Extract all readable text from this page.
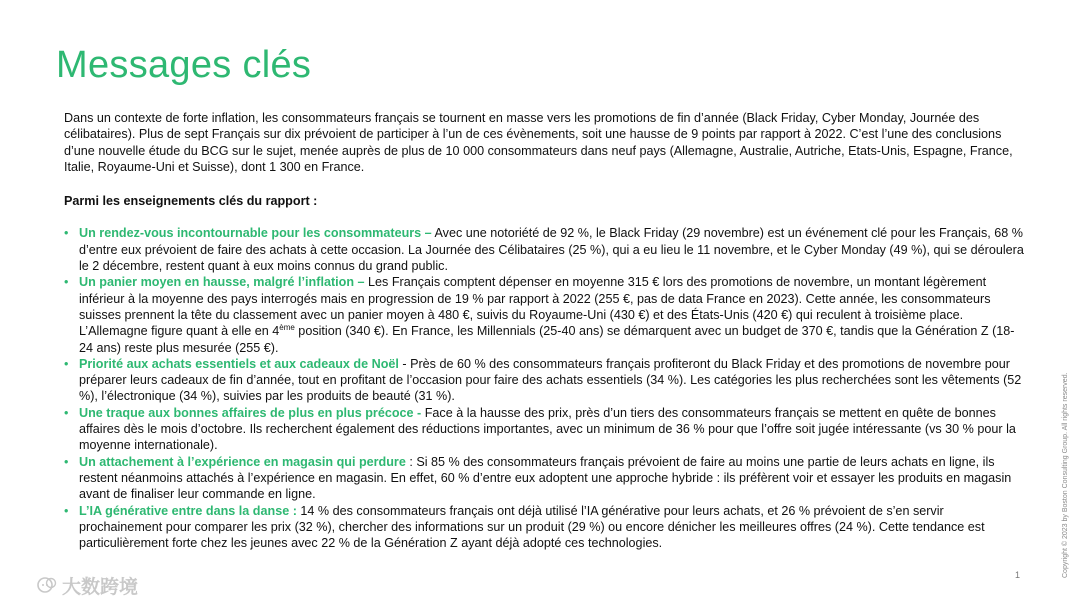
Messages clés

Dans un contexte de forte inflation, les consommateurs français se tournent en masse vers les promotions de fin d’année (Black Friday, Cyber Monday, Journée des célibataires). Plus de sept Français sur dix prévoient de participer à l’un de ces évènements, soit une hausse de 9 points par rapport à 2022. C’est l’une des conclusions d’une nouvelle étude du BCG sur le sujet, menée auprès de plus de 10 000 consommateurs dans neuf pays (Allemagne, Australie, Autriche, Etats-Unis, Espagne, France, Italie, Royaume-Uni et Suisse), dont 1 300 en France.

Parmi les enseignements clés du rapport :

• Un rendez-vous incontournable pour les consommateurs – Avec une notoriété de 92 %, le Black Friday (29 novembre) est un événement clé pour les Français, 68 % d’entre eux prévoient de faire des achats à cette occasion. La Journée des Célibataires (25 %), qui a eu lieu le 11 novembre, et le Cyber Monday (49 %), qui se déroulera le 2 décembre, restent quant à eux moins connus du grand public.
• Un panier moyen en hausse, malgré l’inflation – Les Français comptent dépenser en moyenne 315 € lors des promotions de novembre, un montant légèrement inférieur à la moyenne des pays interrogés mais en progression de 19 % par rapport à 2022 (255 €, pas de data France en 2023). Cette année, les consommateurs suisses prennent la tête du classement avec un panier moyen à 480 €, suivis du Royaume-Uni (430 €) et des États-Unis (420 €) qui reculent à troisième place. L’Allemagne figure quant à elle en 4ème position (340 €). En France, les Millennials (25-40 ans) se démarquent avec un budget de 370 €, tandis que la Génération Z (18-24 ans) reste plus mesurée (255 €).
• Priorité aux achats essentiels et aux cadeaux de Noël - Près de 60 % des consommateurs français profiteront du Black Friday et des promotions de novembre pour préparer leurs cadeaux de fin d’année, tout en profitant de l’occasion pour faire des achats essentiels (34 %). Les catégories les plus recherchées sont les vêtements (52 %), l’électronique (34 %), suivies par les produits de beauté (31 %).
• Une traque aux bonnes affaires de plus en plus précoce - Face à la hausse des prix, près d’un tiers des consommateurs français se mettent en quête de bonnes affaires dès le mois d’octobre. Ils recherchent également des réductions importantes, avec un minimum de 36 % pour que l’offre soit jugée intéressante (vs 30 % pour la moyenne internationale).
• Un attachement à l’expérience en magasin qui perdure : Si 85 % des consommateurs français prévoient de faire au moins une partie de leurs achats en ligne, ils restent néanmoins attachés à l’expérience en magasin. En effet, 60 % d’entre eux adoptent une approche hybride : ils préfèrent voir et essayer les produits en magasin avant de finaliser leur commande en ligne.
• L’IA générative entre dans la danse : 14 % des consommateurs français ont déjà utilisé l’IA générative pour leurs achats, et 26 % prévoient de s’en servir prochainement pour comparer les prix (32 %), chercher des informations sur un produit (29 %) ou encore dénicher les meilleures offres (24 %). Cette tendance est particulièrement forte chez les jeunes avec 22 % de la Génération Z ayant déjà adopté ces technologies.	Copyright © 2023 by Boston Consulting Group. All rights reserved.
1
大数跨境
